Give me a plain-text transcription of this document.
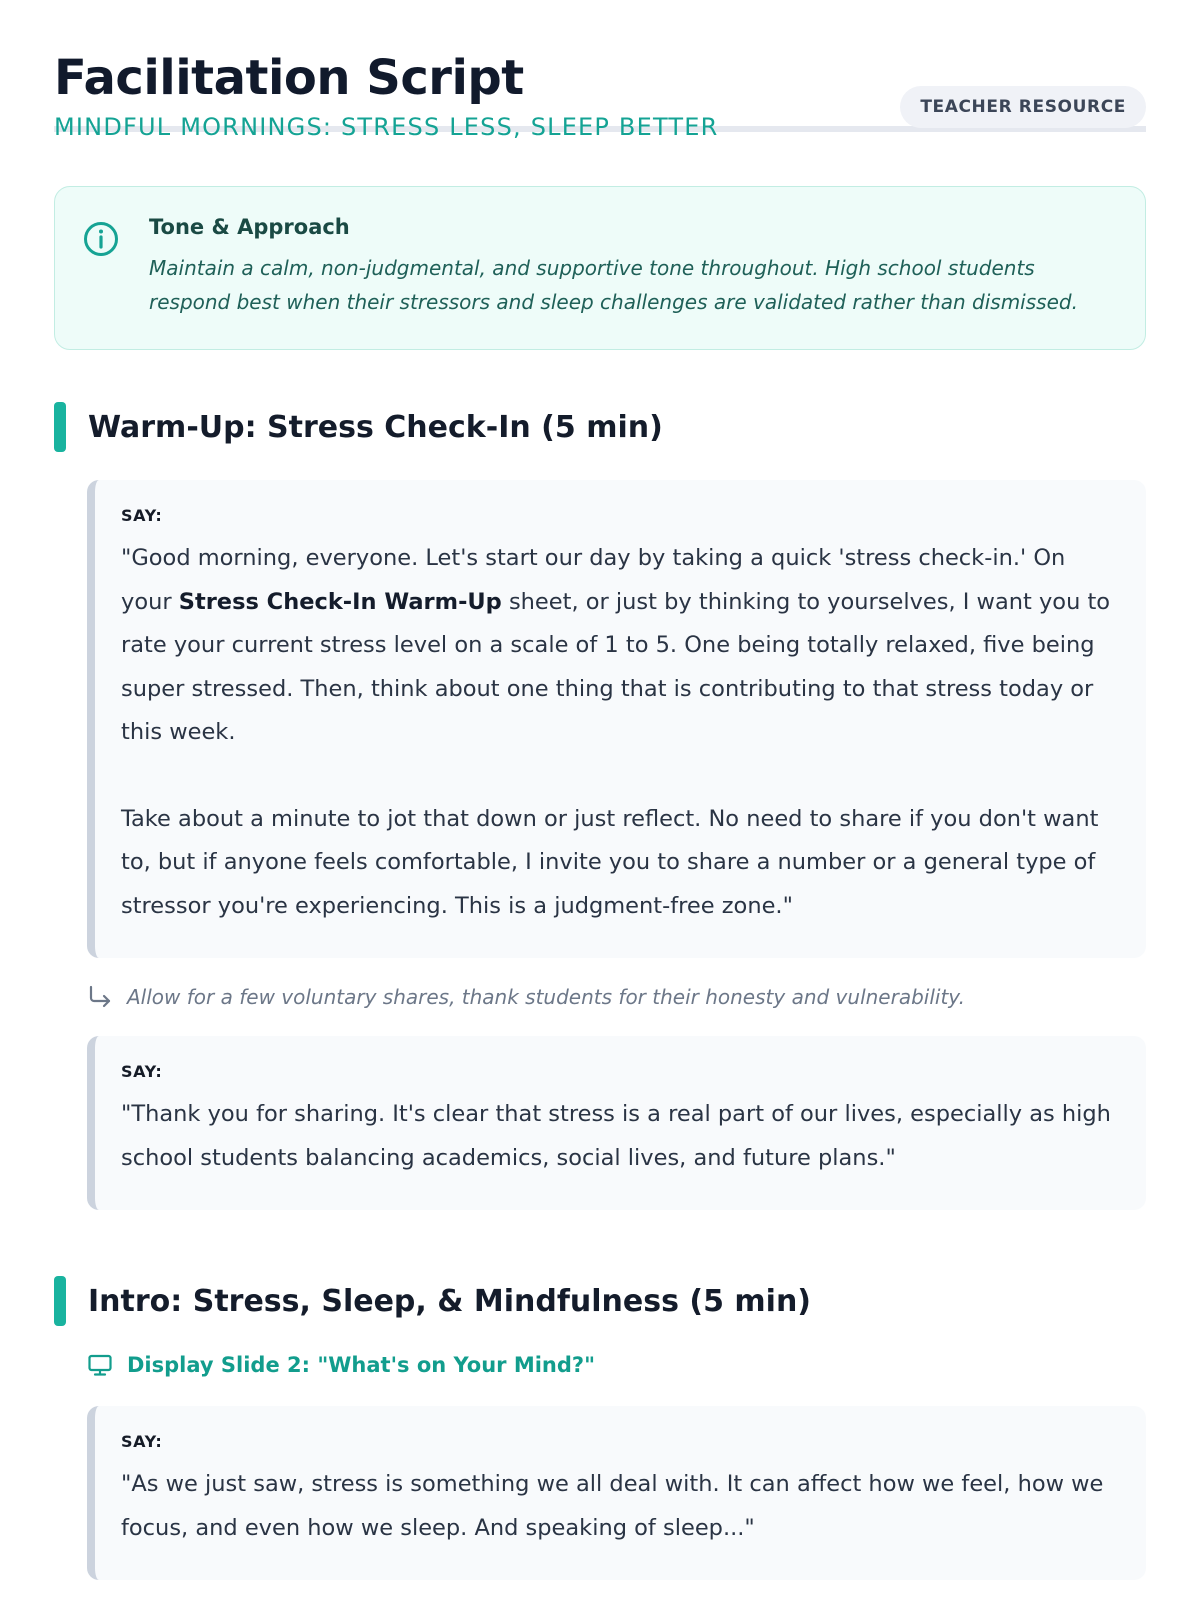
Facilitation Script
MINDFUL MORNINGS: STRESS LESS, SLEEP BETTER
TEACHER RESOURCE
Tone & Approach
Maintain a calm, non-judgmental, and supportive tone throughout. High school students respond best when their stressors and sleep challenges are validated rather than dismissed.
Warm-Up: Stress Check-In (5 min)
SAY:
"Good morning, everyone. Let's start our day by taking a quick 'stress check-in.' On your Stress Check-In Warm-Up sheet, or just by thinking to yourselves, I want you to rate your current stress level on a scale of 1 to 5. One being totally relaxed, five being super stressed. Then, think about one thing that is contributing to that stress today or this week.
Take about a minute to jot that down or just reflect. No need to share if you don't want to, but if anyone feels comfortable, I invite you to share a number or a general type of stressor you're experiencing. This is a judgment-free zone."
Allow for a few voluntary shares, thank students for their honesty and vulnerability.
SAY:
"Thank you for sharing. It's clear that stress is a real part of our lives, especially as high school students balancing academics, social lives, and future plans."
Intro: Stress, Sleep, & Mindfulness (5 min)
Display Slide 2: "What's on Your Mind?"
SAY:
"As we just saw, stress is something we all deal with. It can affect how we feel, how we focus, and even how we sleep. And speaking of sleep..."
